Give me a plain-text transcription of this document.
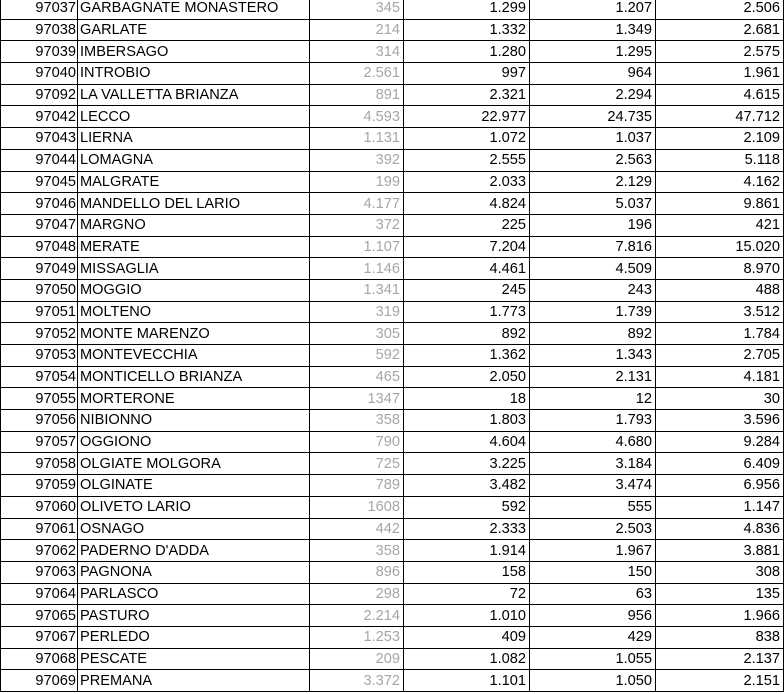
97037	GARBAGNATE MONASTERO	345	1.299	1.207	2.506
97038	GARLATE	214	1.332	1.349	2.681
97039	IMBERSAGO	314	1.280	1.295	2.575
97040	INTROBIO	2.561	997	964	1.961
97092	LA VALLETTA BRIANZA	891	2.321	2.294	4.615
97042	LECCO	4.593	22.977	24.735	47.712
97043	LIERNA	1.131	1.072	1.037	2.109
97044	LOMAGNA	392	2.555	2.563	5.118
97045	MALGRATE	199	2.033	2.129	4.162
97046	MANDELLO DEL LARIO	4.177	4.824	5.037	9.861
97047	MARGNO	372	225	196	421
97048	MERATE	1.107	7.204	7.816	15.020
97049	MISSAGLIA	1.146	4.461	4.509	8.970
97050	MOGGIO	1.341	245	243	488
97051	MOLTENO	319	1.773	1.739	3.512
97052	MONTE MARENZO	305	892	892	1.784
97053	MONTEVECCHIA	592	1.362	1.343	2.705
97054	MONTICELLO BRIANZA	465	2.050	2.131	4.181
97055	MORTERONE	1347	18	12	30
97056	NIBIONNO	358	1.803	1.793	3.596
97057	OGGIONO	790	4.604	4.680	9.284
97058	OLGIATE MOLGORA	725	3.225	3.184	6.409
97059	OLGINATE	789	3.482	3.474	6.956
97060	OLIVETO LARIO	1608	592	555	1.147
97061	OSNAGO	442	2.333	2.503	4.836
97062	PADERNO D'ADDA	358	1.914	1.967	3.881
97063	PAGNONA	896	158	150	308
97064	PARLASCO	298	72	63	135
97065	PASTURO	2.214	1.010	956	1.966
97067	PERLEDO	1.253	409	429	838
97068	PESCATE	209	1.082	1.055	2.137
97069	PREMANA	3.372	1.101	1.050	2.151
